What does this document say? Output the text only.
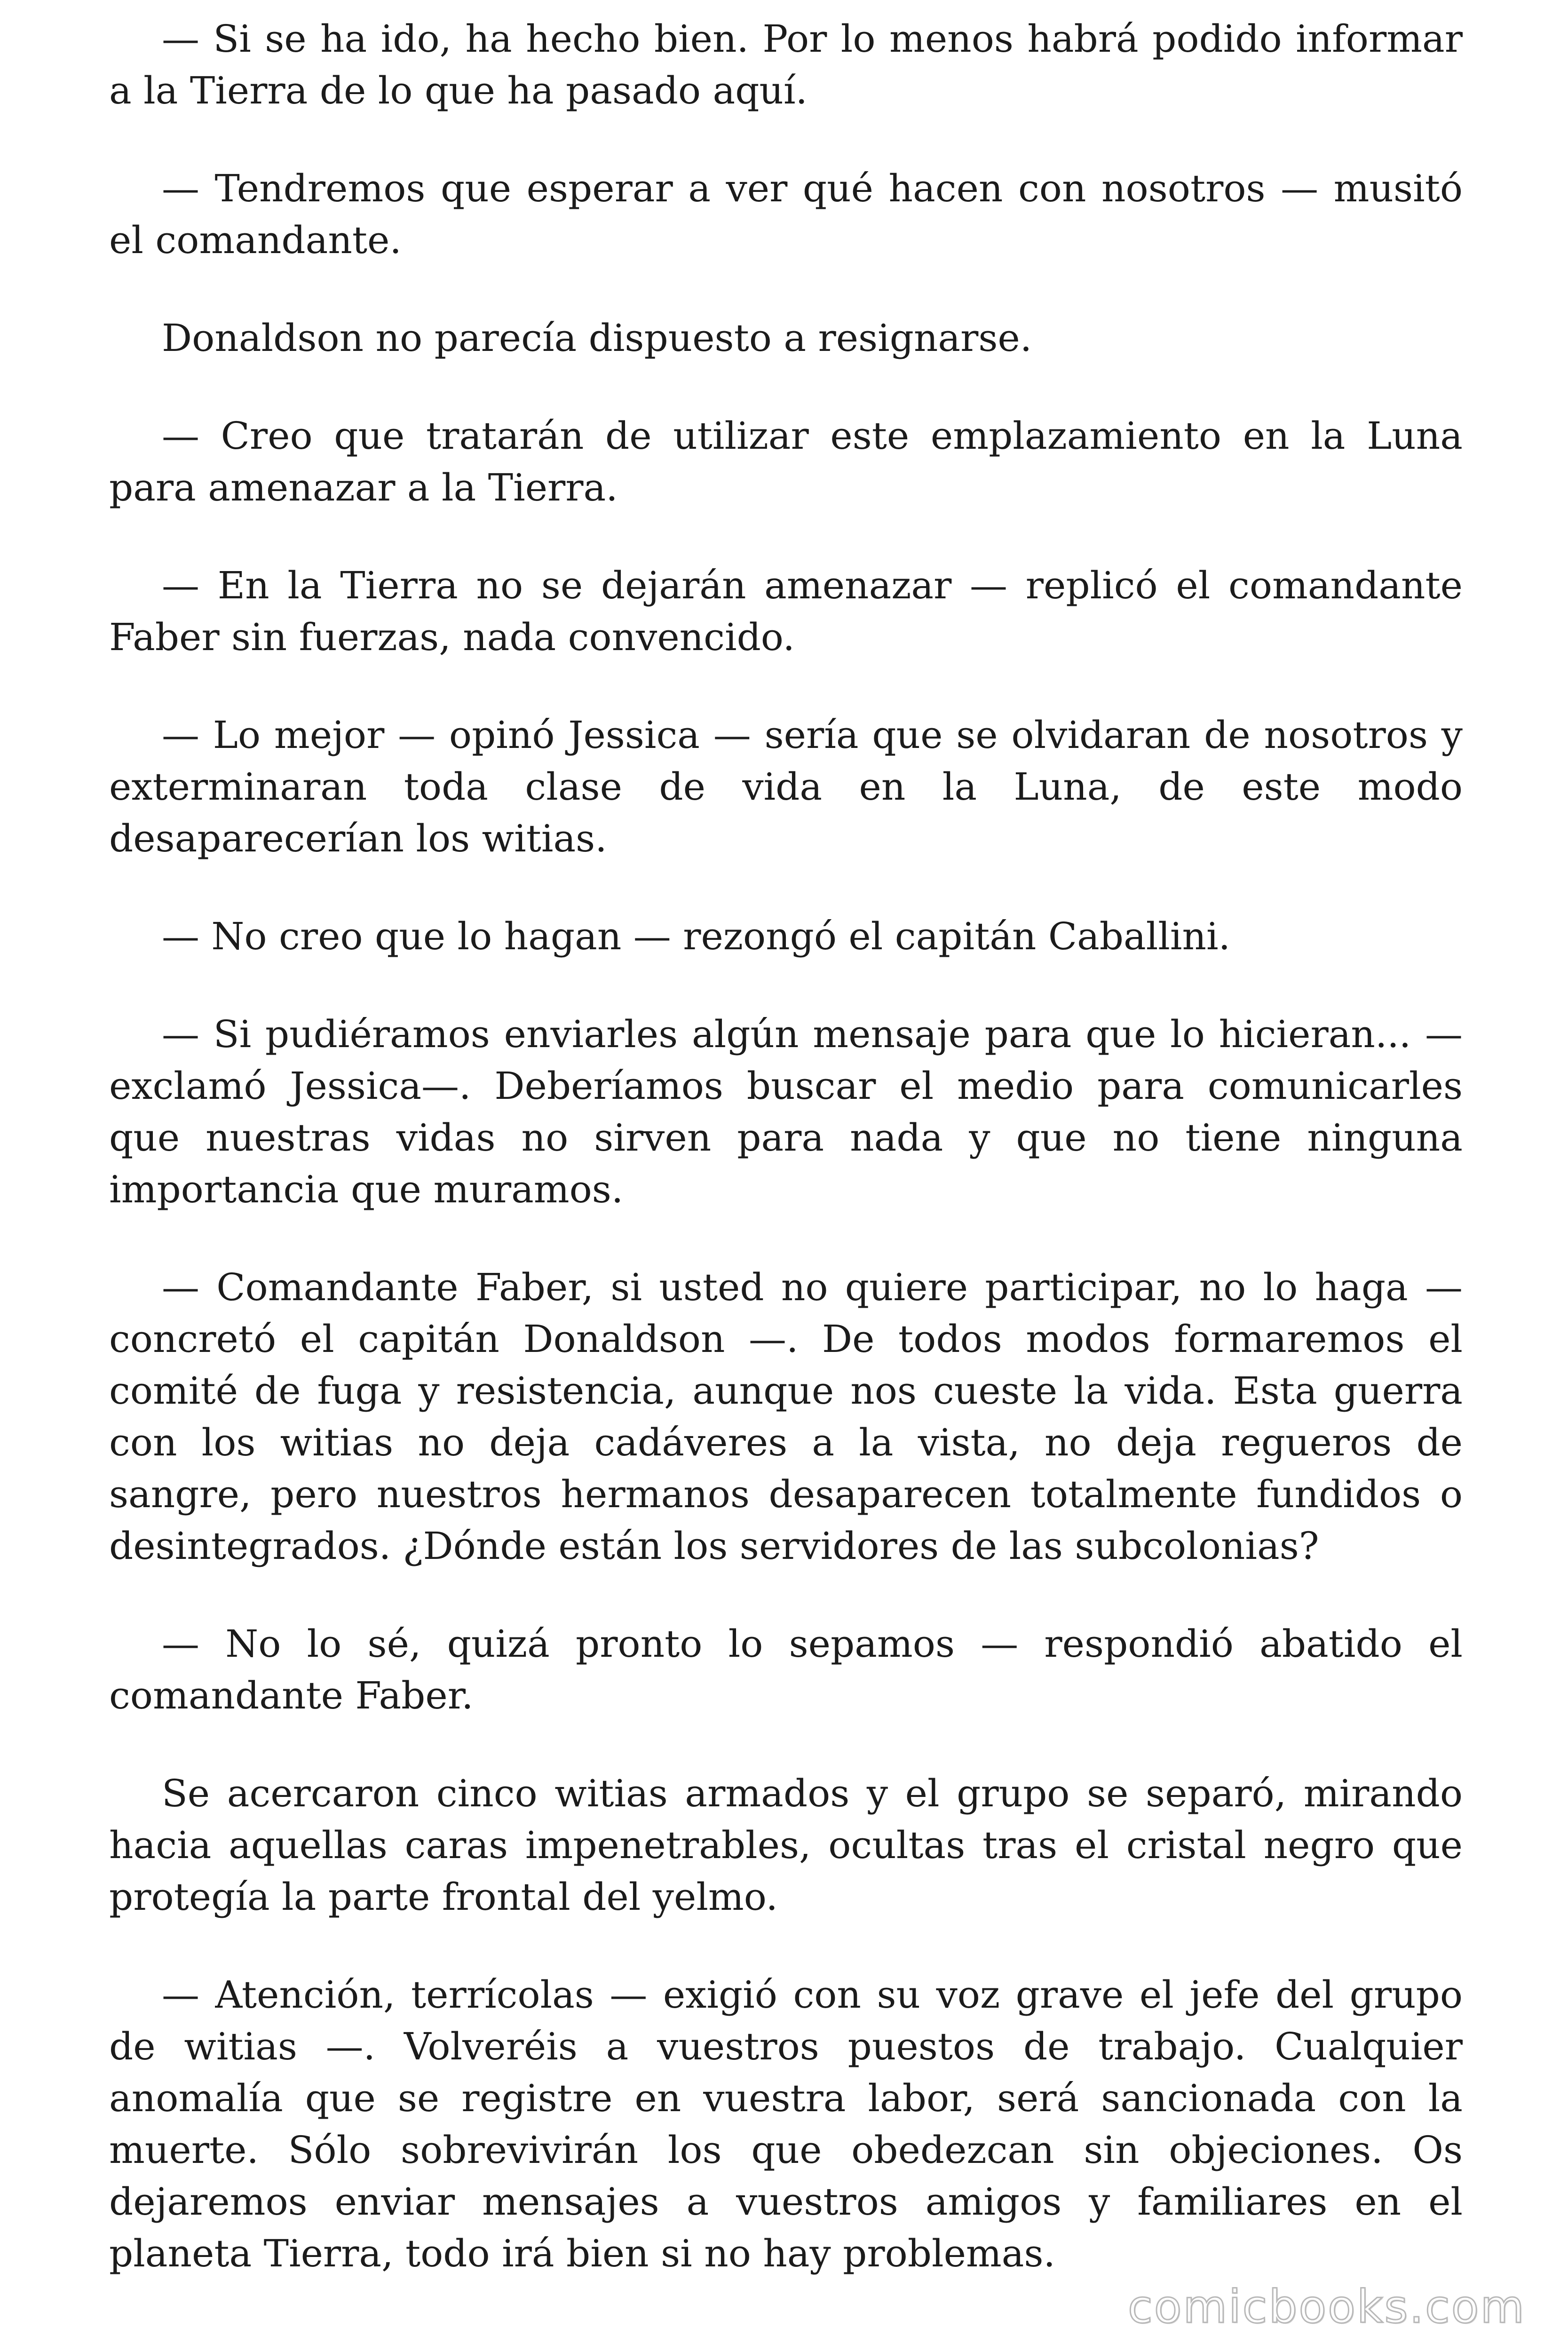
— Si se ha ido, ha hecho bien. Por lo menos habrá podido informar a la Tierra de lo que ha pasado aquí.

— Tendremos que esperar a ver qué hacen con nosotros — musitó el comandante.

Donaldson no parecía dispuesto a resignarse.

— Creo que tratarán de utilizar este emplazamiento en la Luna para amenazar a la Tierra.

— En la Tierra no se dejarán amenazar — replicó el comandante Faber sin fuerzas, nada convencido.

— Lo mejor — opinó Jessica — sería que se olvidaran de nosotros y exterminaran toda clase de vida en la Luna, de este modo desaparecerían los witias.

— No creo que lo hagan — rezongó el capitán Caballini.

— Si pudiéramos enviarles algún mensaje para que lo hicieran... — exclamó Jessica—. Deberíamos buscar el medio para comunicarles que nuestras vidas no sirven para nada y que no tiene ninguna importancia que muramos.

— Comandante Faber, si usted no quiere participar, no lo haga — concretó el capitán Donaldson —. De todos modos formaremos el comité de fuga y resistencia, aunque nos cueste la vida. Esta guerra con los witias no deja cadáveres a la vista, no deja regueros de sangre, pero nuestros hermanos desaparecen totalmente fundidos o desintegrados. ¿Dónde están los servidores de las subcolonias?

— No lo sé, quizá pronto lo sepamos — respondió abatido el comandante Faber.

Se acercaron cinco witias armados y el grupo se separó, mirando hacia aquellas caras impenetrables, ocultas tras el cristal negro que protegía la parte frontal del yelmo.

— Atención, terrícolas — exigió con su voz grave el jefe del grupo de witias —. Volveréis a vuestros puestos de trabajo. Cualquier anomalía que se registre en vuestra labor, será sancionada con la muerte. Sólo sobrevivirán los que obedezcan sin objeciones. Os dejaremos enviar mensajes a vuestros amigos y familiares en el planeta Tierra, todo irá bien si no hay problemas.

comicbooks.com
